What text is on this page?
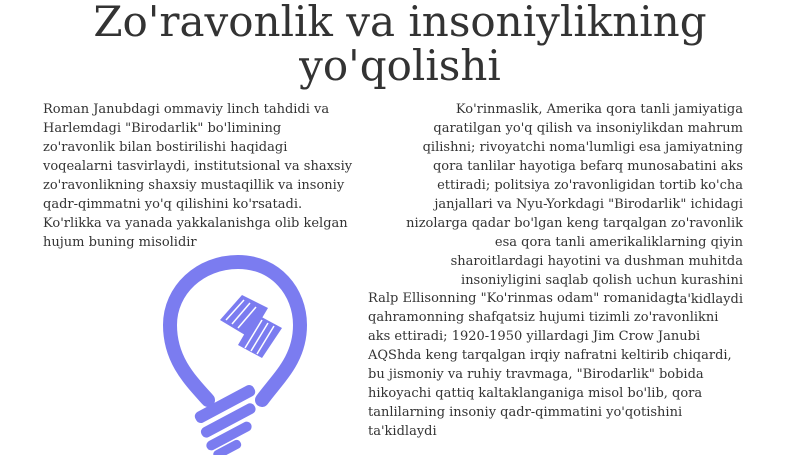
Zo'ravonlik va insoniylikning yo'qolishi

Roman Janubdagi ommaviy linch tahdidi va Harlemdagi "Birodarlik" bo'limining zo'ravonlik bilan bostirilishi haqidagi voqealarni tasvirlaydi, institutsional va shaxsiy zo'ravonlikning shaxsiy mustaqillik va insoniy qadr-qimmatni yo'q qilishini ko'rsatadi. Ko'rlikka va yanada yakkalanishga olib kelgan hujum buning misolidir

Ko'rinmaslik, Amerika qora tanli jamiyatiga qaratilgan yo'q qilish va insoniylikdan mahrum qilishni; rivoyatchi noma'lumligi esa jamiyatning qora tanlilar hayotiga befarq munosabatini aks ettiradi; politsiya zo'ravonligidan tortib ko'cha janjallari va Nyu-Yorkdagi "Birodarlik" ichidagi nizolarga qadar bo'lgan keng tarqalgan zo'ravonlik esa qora tanli amerikaliklarning qiyin sharoitlardagi hayotini va dushman muhitda insoniyligini saqlab qolish uchun kurashini ta'kidlaydi

Ralp Ellisonning "Ko'rinmas odam" romanidagi qahramonning shafqatsiz hujumi tizimli zo'ravonlikni aks ettiradi; 1920-1950 yillardagi Jim Crow Janubi AQShda keng tarqalgan irqiy nafratni keltirib chiqardi, bu jismoniy va ruhiy travmaga, "Birodarlik" bobida hikoyachi qattiq kaltaklanganiga misol bo'lib, qora tanlilarning insoniy qadr-qimmatini yo'qotishini ta'kidlaydi
